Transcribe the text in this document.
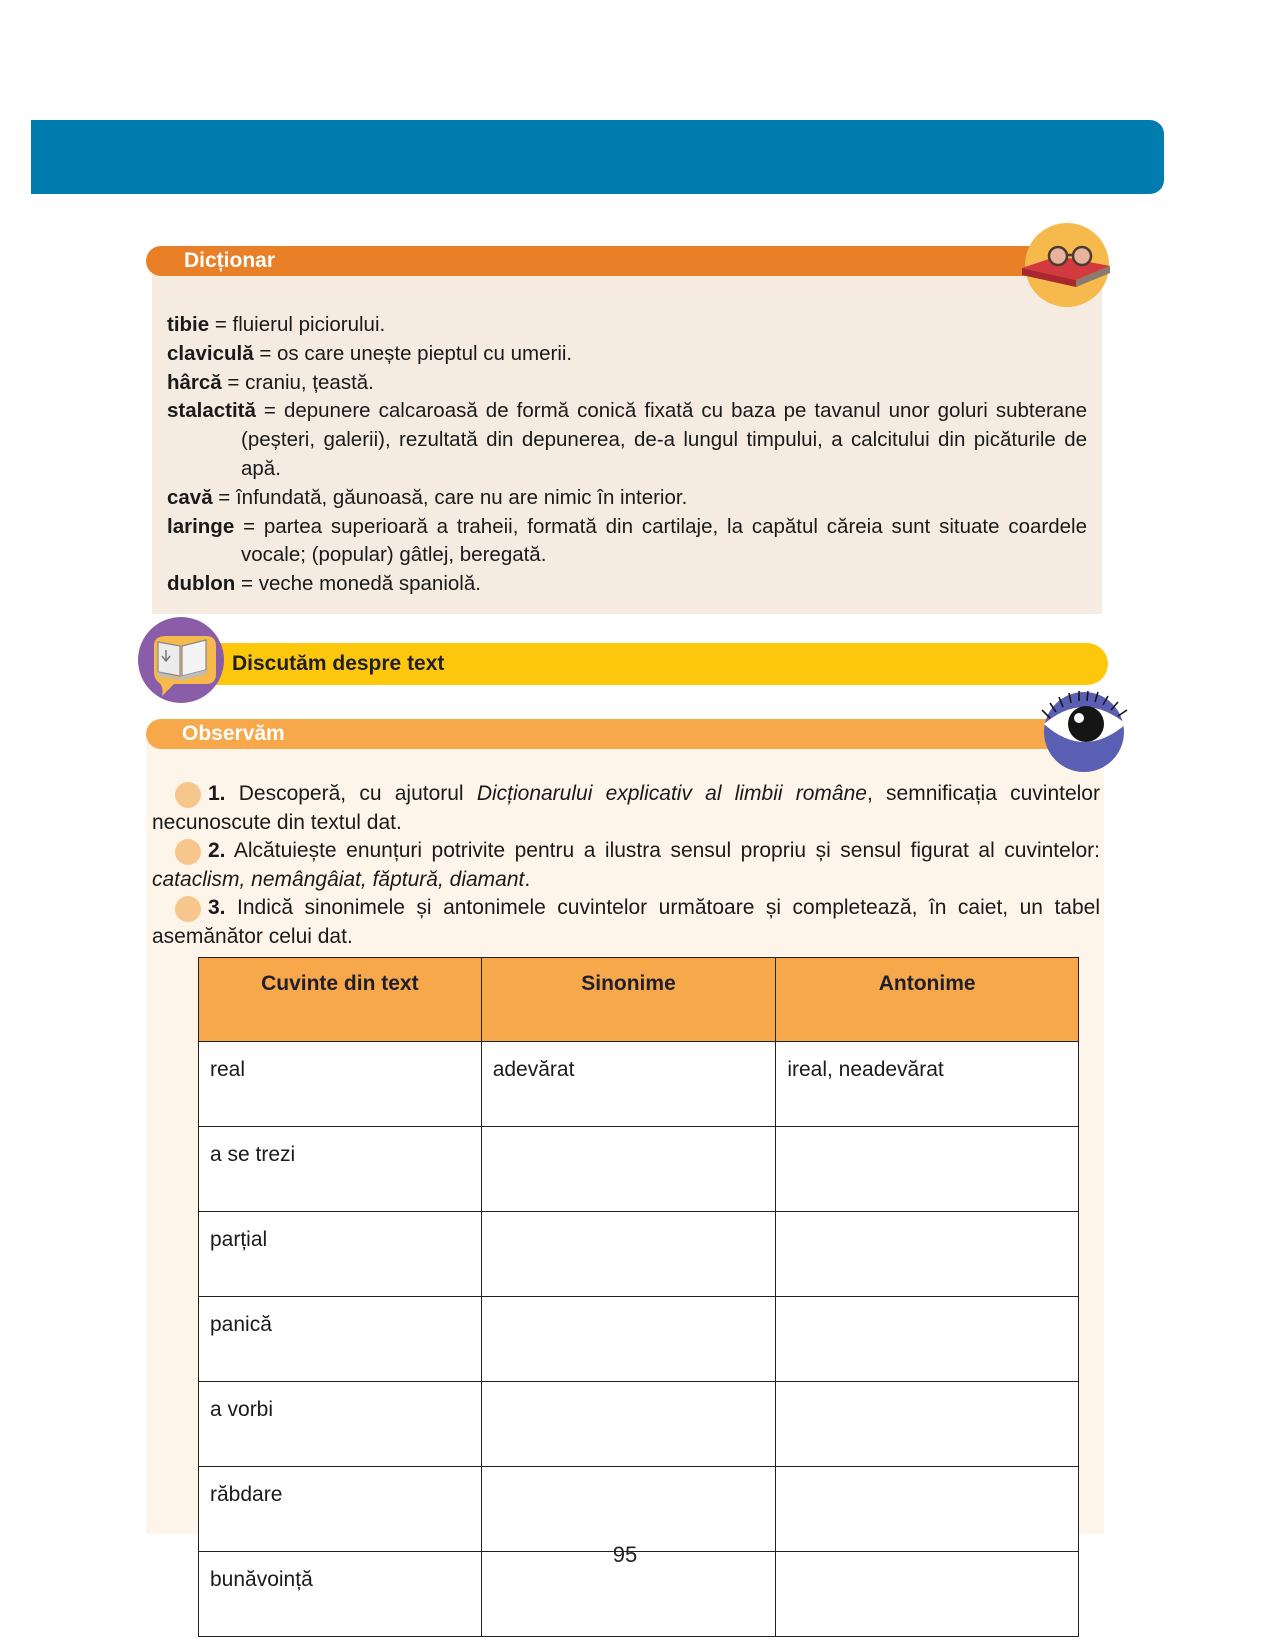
Dicționar
tibie = fluierul piciorului.
claviculă = os care unește pieptul cu umerii.
hârcă = craniu, țeastă.
stalactită = depunere calcaroasă de formă conică fixată cu baza pe tavanul unor goluri subterane (peșteri, galerii), rezultată din depunerea, de-a lungul timpului, a calcitului din picăturile de apă.
cavă = înfundată, găunoasă, care nu are nimic în interior.
laringe = partea superioară a traheii, formată din cartilaje, la capătul căreia sunt situate coardele vocale; (popular) gâtlej, beregată.
dublon = veche monedă spaniolă.
Discutăm despre text
Observăm
1. Descoperă, cu ajutorul Dicționarului explicativ al limbii române, semnificația cuvintelor necunoscute din textul dat.
2. Alcătuiește enunțuri potrivite pentru a ilustra sensul propriu și sensul figurat al cuvintelor: cataclism, nemângâiat, făptură, diamant.
3. Indică sinonimele și antonimele cuvintelor următoare și completează, în caiet, un tabel asemănător celui dat.
Cuvinte din text	Sinonime	Antonime
real	adevărat	ireal, neadevărat
a se trezi		
parțial		
panică		
a vorbi		
răbdare		
bunăvoință		
95
